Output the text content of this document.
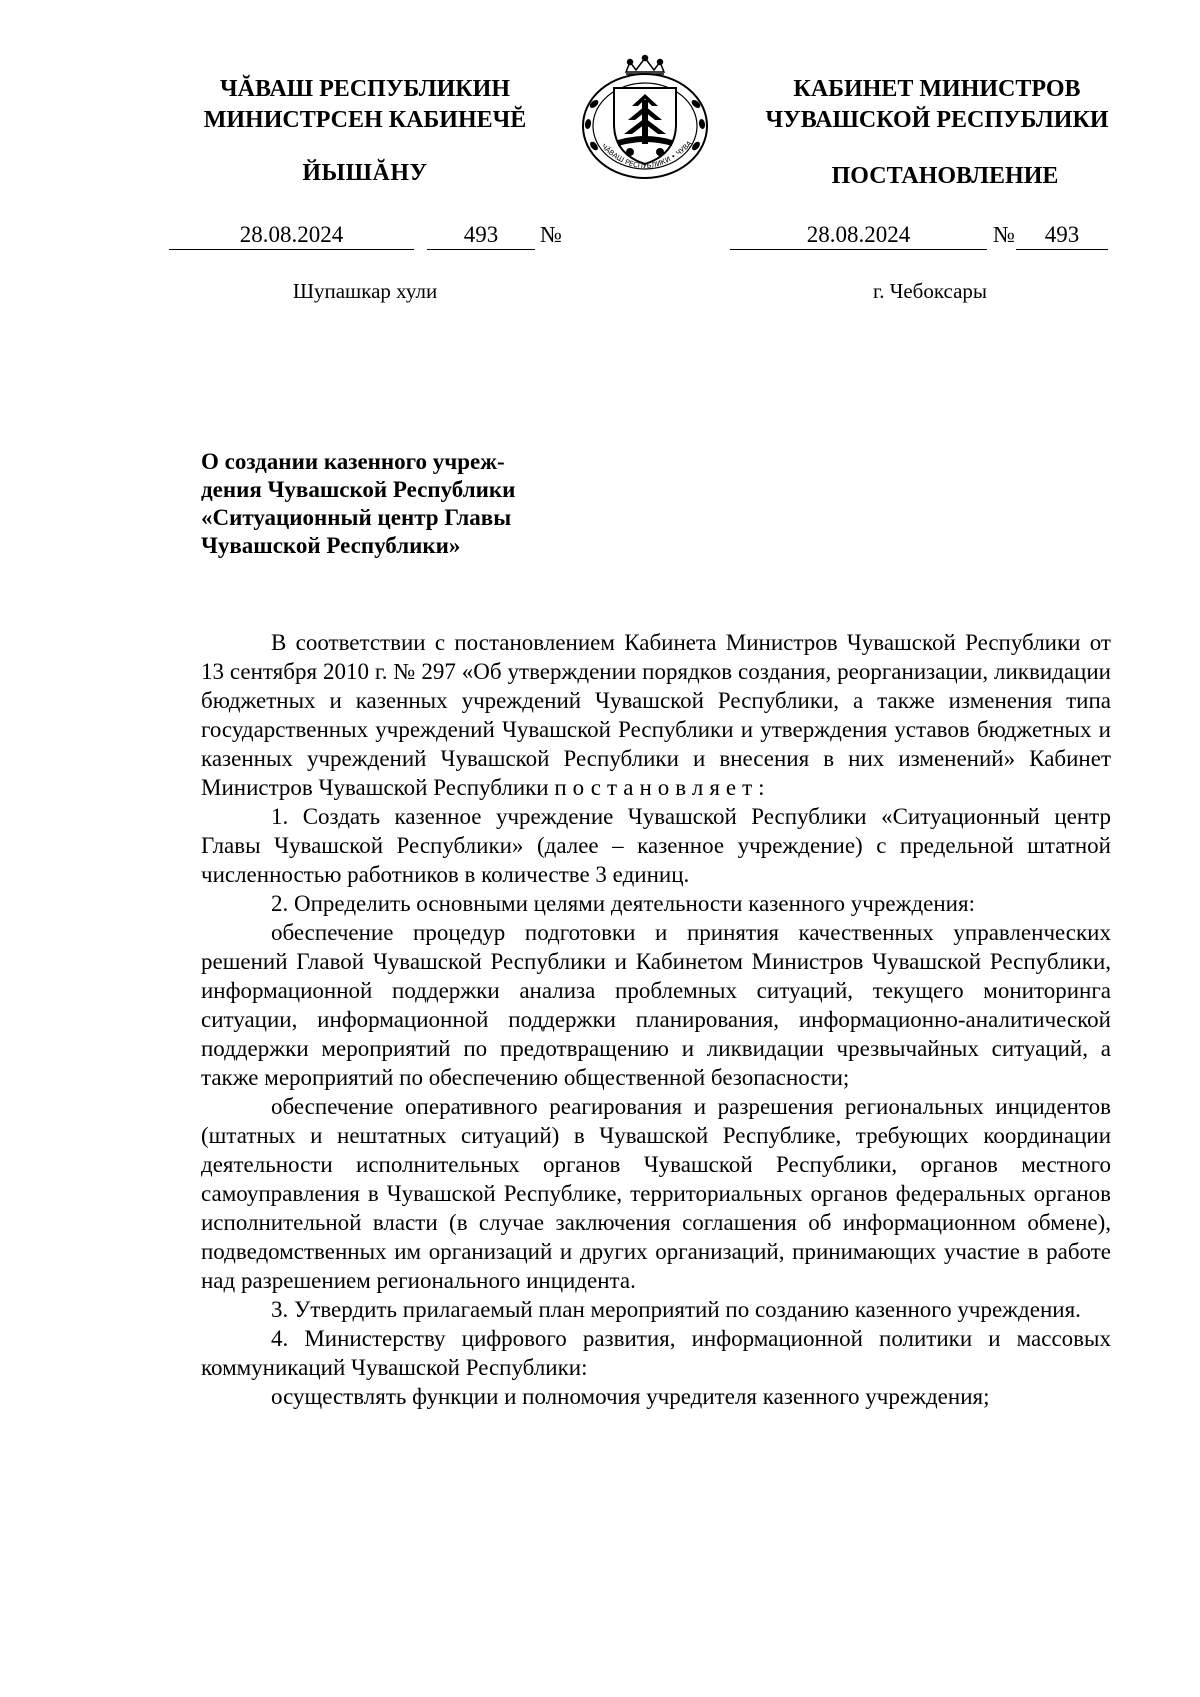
ЧĂВАШ РЕСПУБЛИКИН
МИНИСТРСЕН КАБИНЕЧĔ
КАБИНЕТ МИНИСТРОВ
ЧУВАШСКОЙ РЕСПУБЛИКИ
ЧĂВАШ РЕСПУБЛИКИ • ЧУВА
ЙЫШĂНУ	ПОСТАНОВЛЕНИЕ
28.08.2024	493	№	28.08.2024	№	493
Шупашкар хули	г. Чебоксары
О создании казенного учреж-
дения Чувашской Республики
«Ситуационный центр Главы
Чувашской Республики»

В соответствии с постановлением Кабинета Министров Чувашской Республики от 13 сентября 2010 г. № 297 «Об утверждении порядков создания, реорганизации, ликвидации бюджетных и казенных учреждений Чувашской Республики, а также изменения типа государственных учреждений Чувашской Республики и утверждения уставов бюджетных и казенных учреждений Чувашской Республики и внесения в них изменений» Кабинет Министров Чувашской Республики постановляет:

1. Создать казенное учреждение Чувашской Республики «Ситуационный центр Главы Чувашской Республики» (далее – казенное учреждение) с предельной штатной численностью работников в количестве 3 единиц.

2. Определить основными целями деятельности казенного учреждения:

обеспечение процедур подготовки и принятия качественных управленческих решений Главой Чувашской Республики и Кабинетом Министров Чувашской Республики, информационной поддержки анализа проблемных ситуаций, текущего мониторинга ситуации, информационной поддержки планирования, информационно-аналитической поддержки мероприятий по предотвращению и ликвидации чрезвычайных ситуаций, а также мероприятий по обеспечению общественной безопасности;

обеспечение оперативного реагирования и разрешения региональных инцидентов (штатных и нештатных ситуаций) в Чувашской Республике, требующих координации деятельности исполнительных органов Чувашской Республики, органов местного самоуправления в Чувашской Республике, территориальных органов федеральных органов исполнительной власти (в случае заключения соглашения об информационном обмене), подведомственных им организаций и других организаций, принимающих участие в работе над разрешением регионального инцидента.

3. Утвердить прилагаемый план мероприятий по созданию казенного учреждения.

4. Министерству цифрового развития, информационной политики и массовых коммуникаций Чувашской Республики:

осуществлять функции и полномочия учредителя казенного учреждения;
